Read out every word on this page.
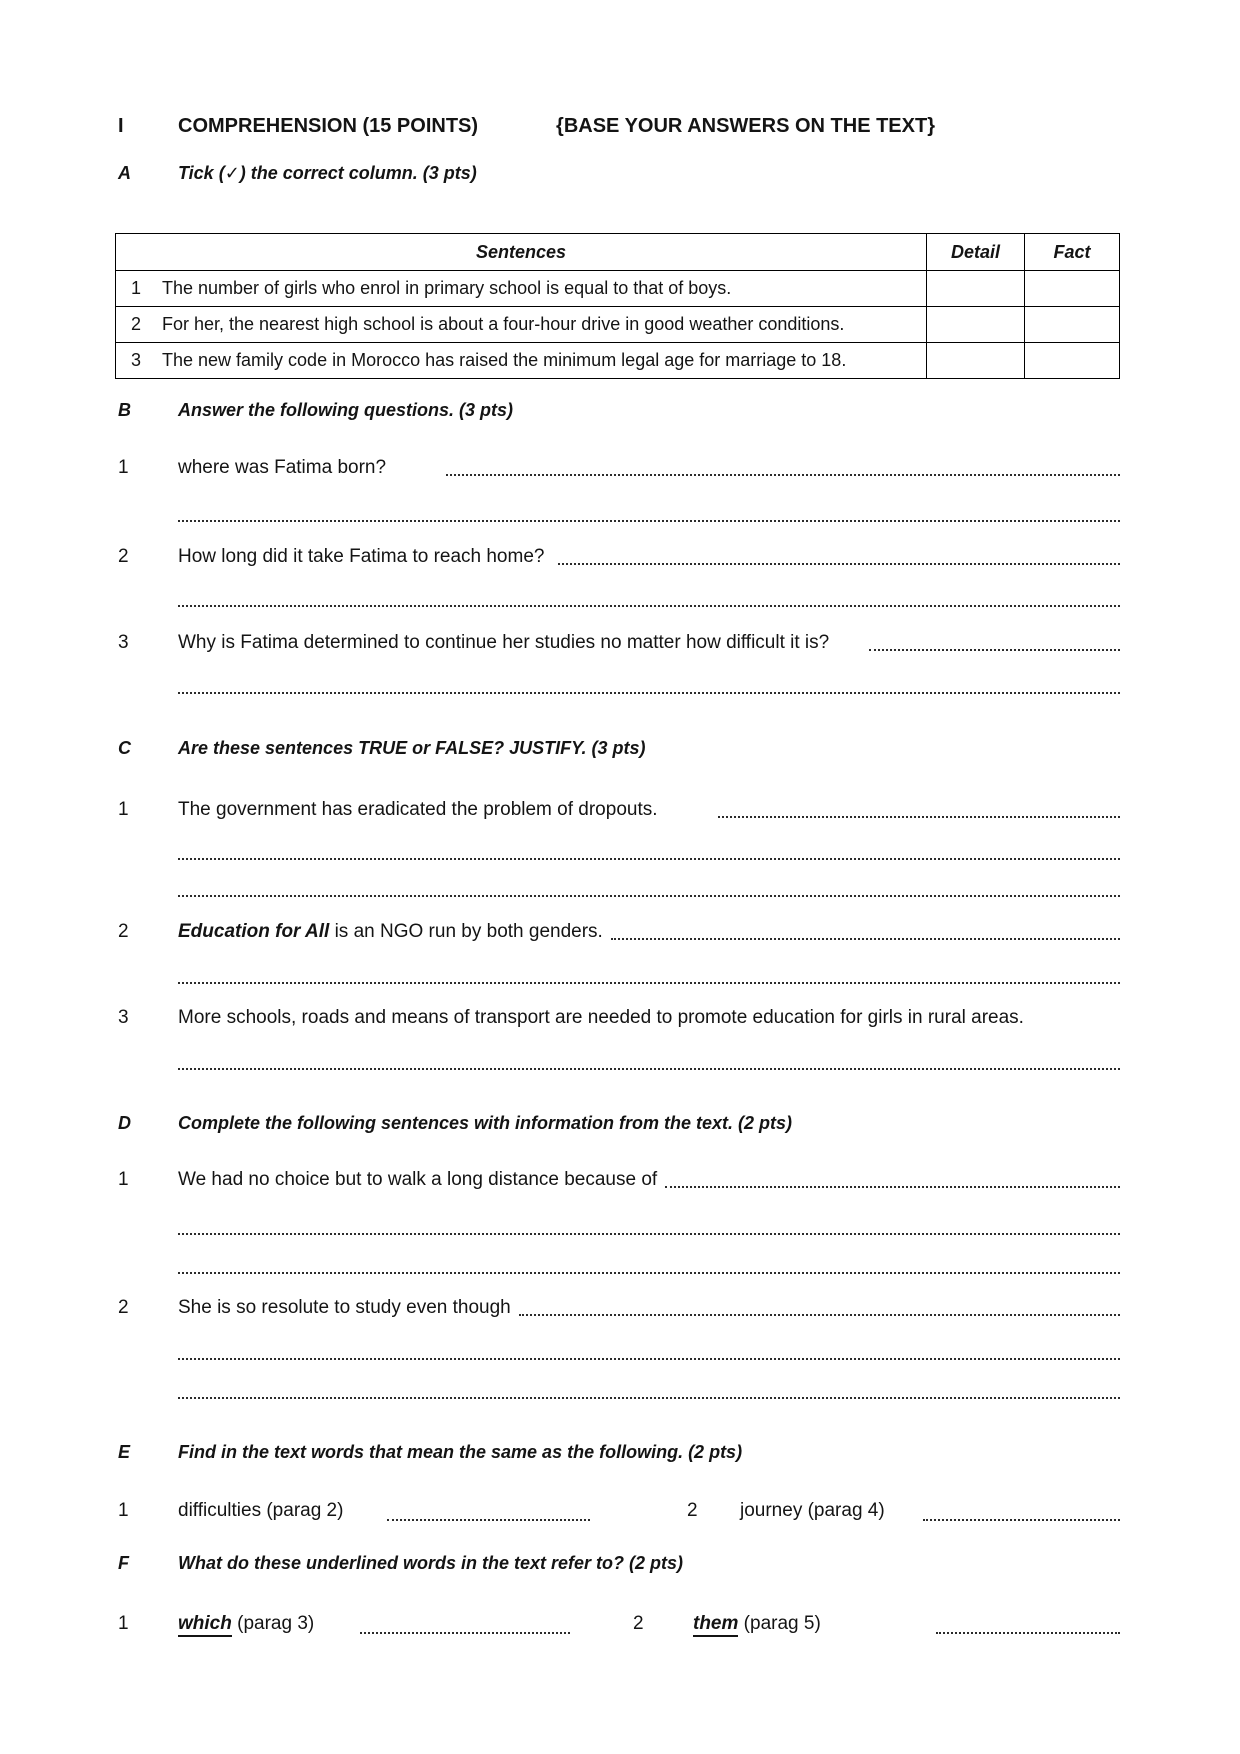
I	COMPREHENSION (15 POINTS)	{BASE YOUR ANSWERS ON THE TEXT}
A	Tick (✓) the correct column. (3 pts)
Sentences		Detail	Fact
1	The number of girls who enrol in primary school is equal to that of boys.		
2	For her, the nearest high school is about a four-hour drive in good weather conditions.		
3	The new family code in Morocco has raised the minimum legal age for marriage to 18.		
B	Answer the following questions. (3 pts)
1	where was Fatima born?
2	How long did it take Fatima to reach home?
3	Why is Fatima determined to continue her studies no matter how difficult it is?
C	Are these sentences TRUE or FALSE? JUSTIFY. (3 pts)
1	The government has eradicated the problem of dropouts.
2	Education for All is an NGO run by both genders.
3	More schools, roads and means of transport are needed to promote education for girls in rural areas.
D	Complete the following sentences with information from the text. (2 pts)
1	We had no choice but to walk a long distance because of
2	She is so resolute to study even though
E	Find in the text words that mean the same as the following. (2 pts)
1	difficulties (parag 2)	2 journey (parag 4)
F	What do these underlined words in the text refer to? (2 pts)
1	which (parag 3)	2	them (parag 5)
